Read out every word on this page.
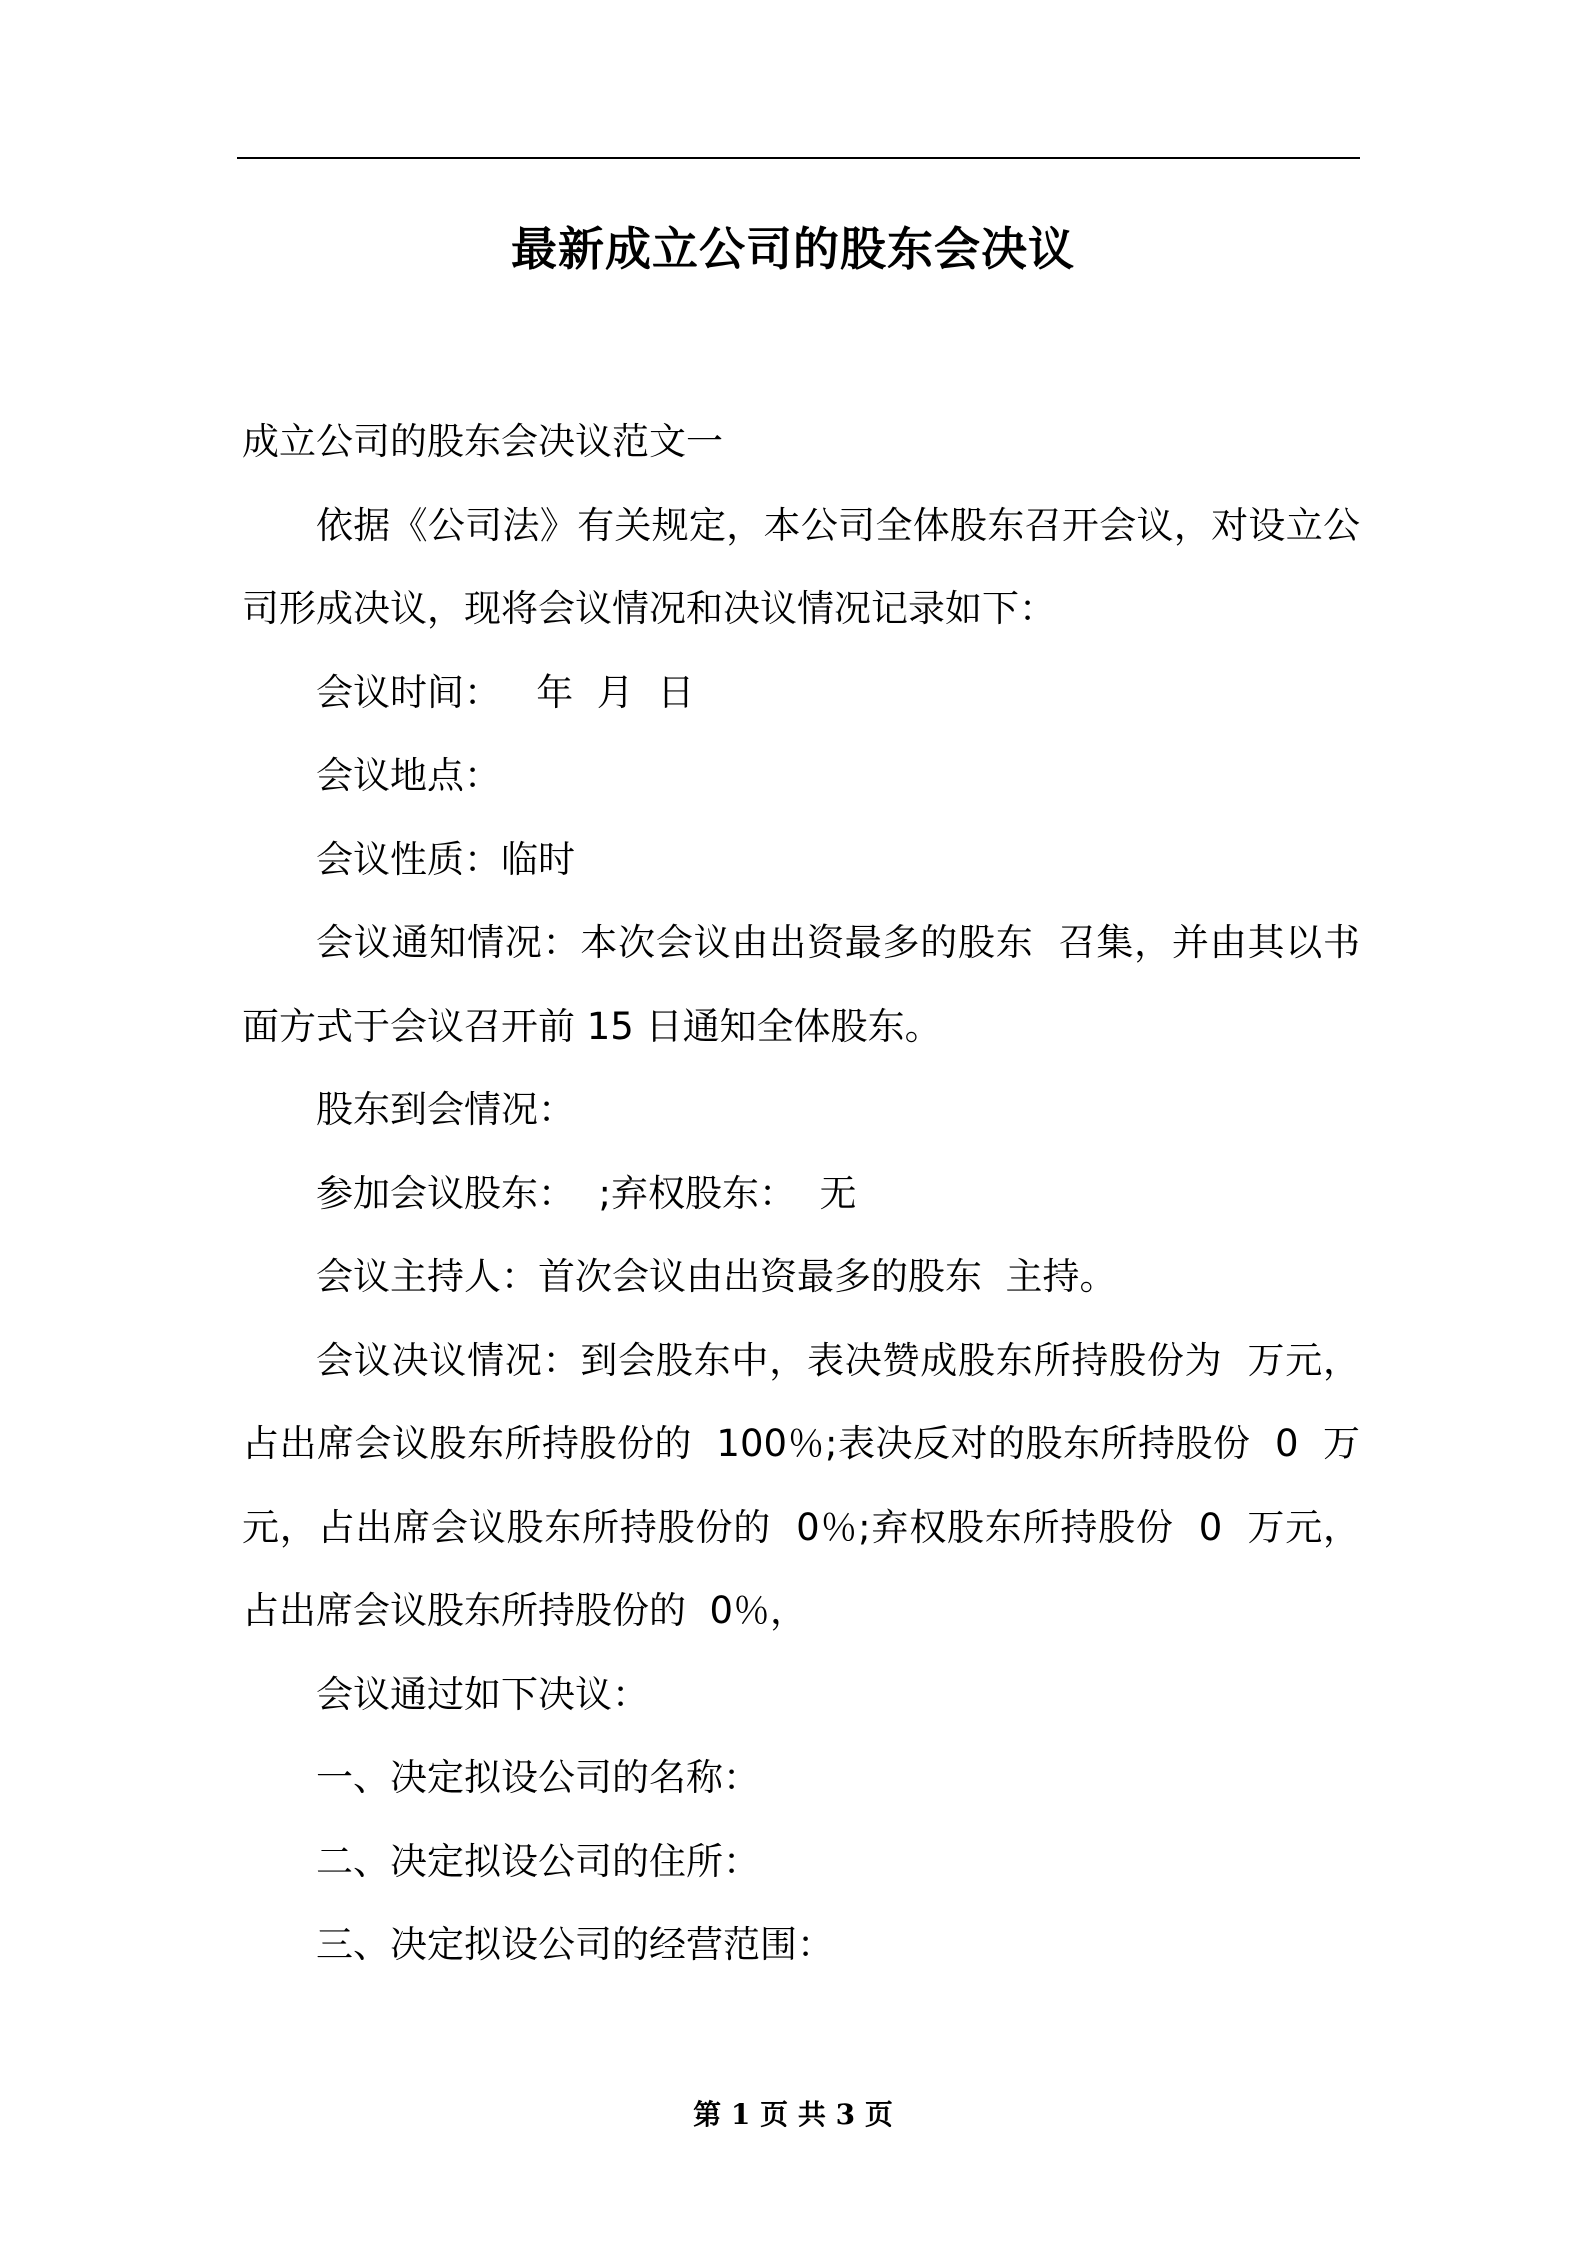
最新成立公司的股东会决议

成立公司的股东会决议范文一

依据《公司法》有关规定，本公司全体股东召开会议，对设立公司形成决议，现将会议情况和决议情况记录如下：

会议时间：   年  月  日

会议地点：

会议性质：临时

会议通知情况：本次会议由出资最多的股东  召集，并由其以书面方式于会议召开前 15 日通知全体股东。

股东到会情况：

参加会议股东：  ;弃权股东：  无

会议主持人：首次会议由出资最多的股东  主持。

会议决议情况：到会股东中，表决赞成股东所持股份为  万元，占出席会议股东所持股份的  100％;表决反对的股东所持股份  0  万元，占出席会议股东所持股份的  0％;弃权股东所持股份  0  万元，占出席会议股东所持股份的  0％，

会议通过如下决议：

一、决定拟设公司的名称：

二、决定拟设公司的住所：

三、决定拟设公司的经营范围：

第 1 页 共 3 页
